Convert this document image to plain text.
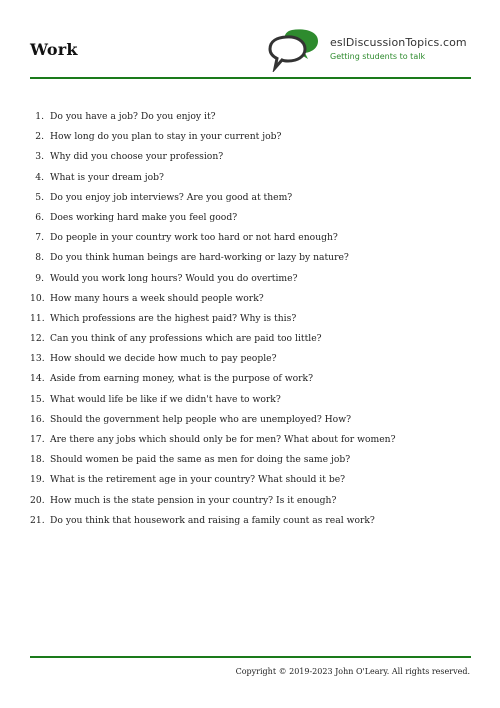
Work	eslDiscussionTopics.com
Getting students to talk
1. Do you have a job? Do you enjoy it?
2. How long do you plan to stay in your current job?
3. Why did you choose your profession?
4. What is your dream job?
5. Do you enjoy job interviews? Are you good at them?
6. Does working hard make you feel good?
7. Do people in your country work too hard or not hard enough?
8. Do you think human beings are hard-working or lazy by nature?
9. Would you work long hours? Would you do overtime?
10. How many hours a week should people work?
11. Which professions are the highest paid? Why is this?
12. Can you think of any professions which are paid too little?
13. How should we decide how much to pay people?
14. Aside from earning money, what is the purpose of work?
15. What would life be like if we didn't have to work?
16. Should the government help people who are unemployed? How?
17. Are there any jobs which should only be for men? What about for women?
18. Should women be paid the same as men for doing the same job?
19. What is the retirement age in your country? What should it be?
20. How much is the state pension in your country? Is it enough?
21. Do you think that housework and raising a family count as real work?
Copyright © 2019-2023 John O'Leary. All rights reserved.
